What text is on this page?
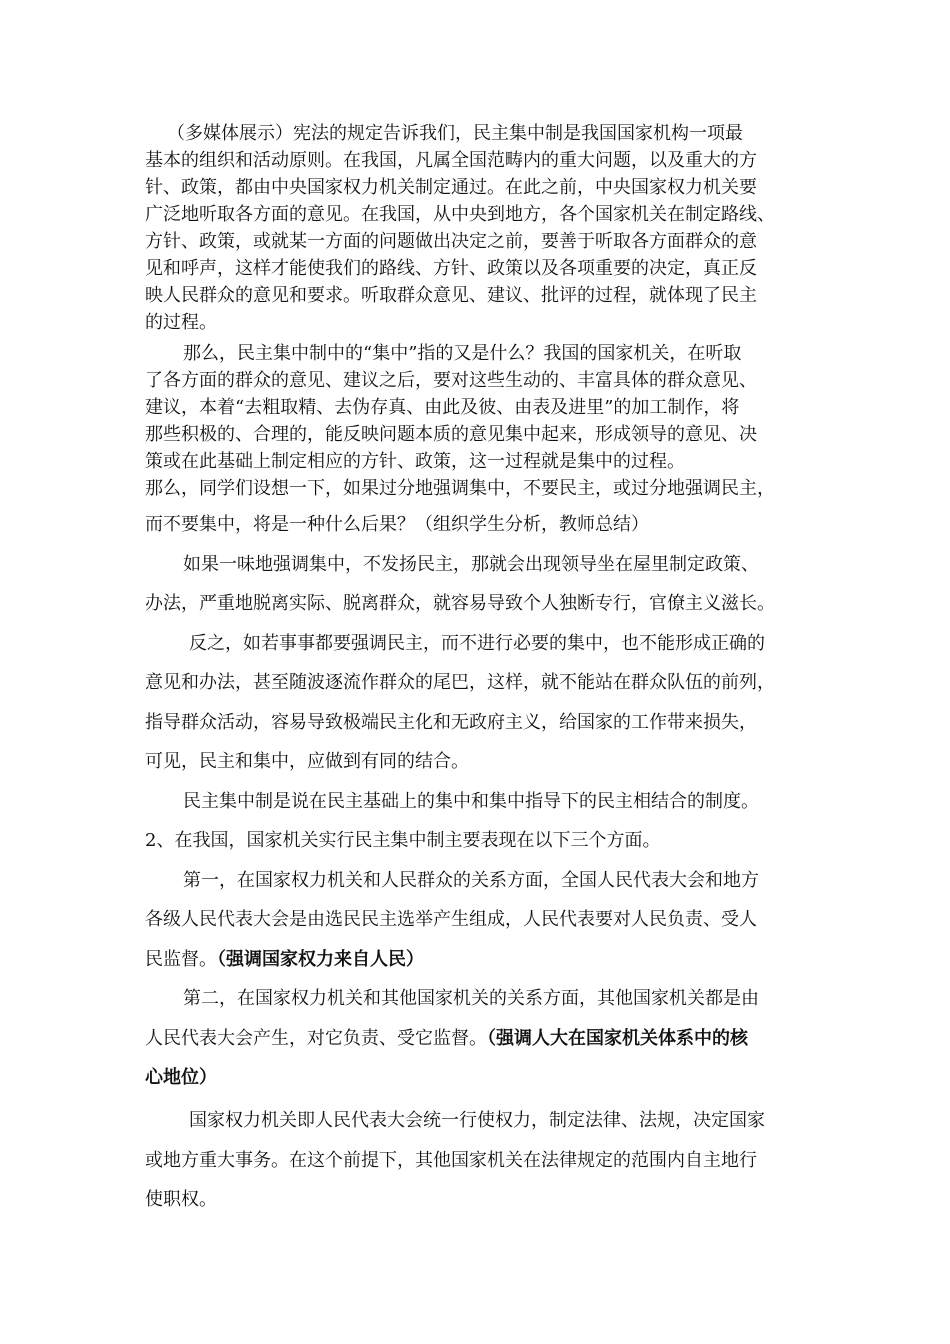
（多媒体展示）宪法的规定告诉我们，民主集中制是我国国家机构一项最
基本的组织和活动原则。在我国，凡属全国范畴内的重大问题，以及重大的方
针、政策，都由中央国家权力机关制定通过。在此之前，中央国家权力机关要
广泛地听取各方面的意见。在我国，从中央到地方，各个国家机关在制定路线、
方针、政策，或就某一方面的问题做出决定之前，要善于听取各方面群众的意
见和呼声，这样才能使我们的路线、方针、政策以及各项重要的决定，真正反
映人民群众的意见和要求。听取群众意见、建议、批评的过程，就体现了民主
的过程。
那么，民主集中制中的“集中”指的又是什么？我国的国家机关，在听取
了各方面的群众的意见、建议之后，要对这些生动的、丰富具体的群众意见、
建议，本着“去粗取精、去伪存真、由此及彼、由表及进里”的加工制作，将
那些积极的、合理的，能反映问题本质的意见集中起来，形成领导的意见、决
策或在此基础上制定相应的方针、政策，这一过程就是集中的过程。
那么，同学们设想一下，如果过分地强调集中，不要民主，或过分地强调民主，
而不要集中，将是一种什么后果？（组织学生分析，教师总结）
如果一味地强调集中，不发扬民主，那就会出现领导坐在屋里制定政策、
办法，严重地脱离实际、脱离群众，就容易导致个人独断专行，官僚主义滋长。
反之，如若事事都要强调民主，而不进行必要的集中，也不能形成正确的
意见和办法，甚至随波逐流作群众的尾巴，这样，就不能站在群众队伍的前列，
指导群众活动，容易导致极端民主化和无政府主义，给国家的工作带来损失，
可见，民主和集中，应做到有同的结合。
民主集中制是说在民主基础上的集中和集中指导下的民主相结合的制度。
2、在我国，国家机关实行民主集中制主要表现在以下三个方面。
第一，在国家权力机关和人民群众的关系方面，全国人民代表大会和地方
各级人民代表大会是由选民民主选举产生组成，人民代表要对人民负责、受人
民监督。（强调国家权力来自人民）
第二，在国家权力机关和其他国家机关的关系方面，其他国家机关都是由
人民代表大会产生，对它负责、受它监督。（强调人大在国家机关体系中的核
心地位）
国家权力机关即人民代表大会统一行使权力，制定法律、法规，决定国家
或地方重大事务。在这个前提下，其他国家机关在法律规定的范围内自主地行
使职权。
